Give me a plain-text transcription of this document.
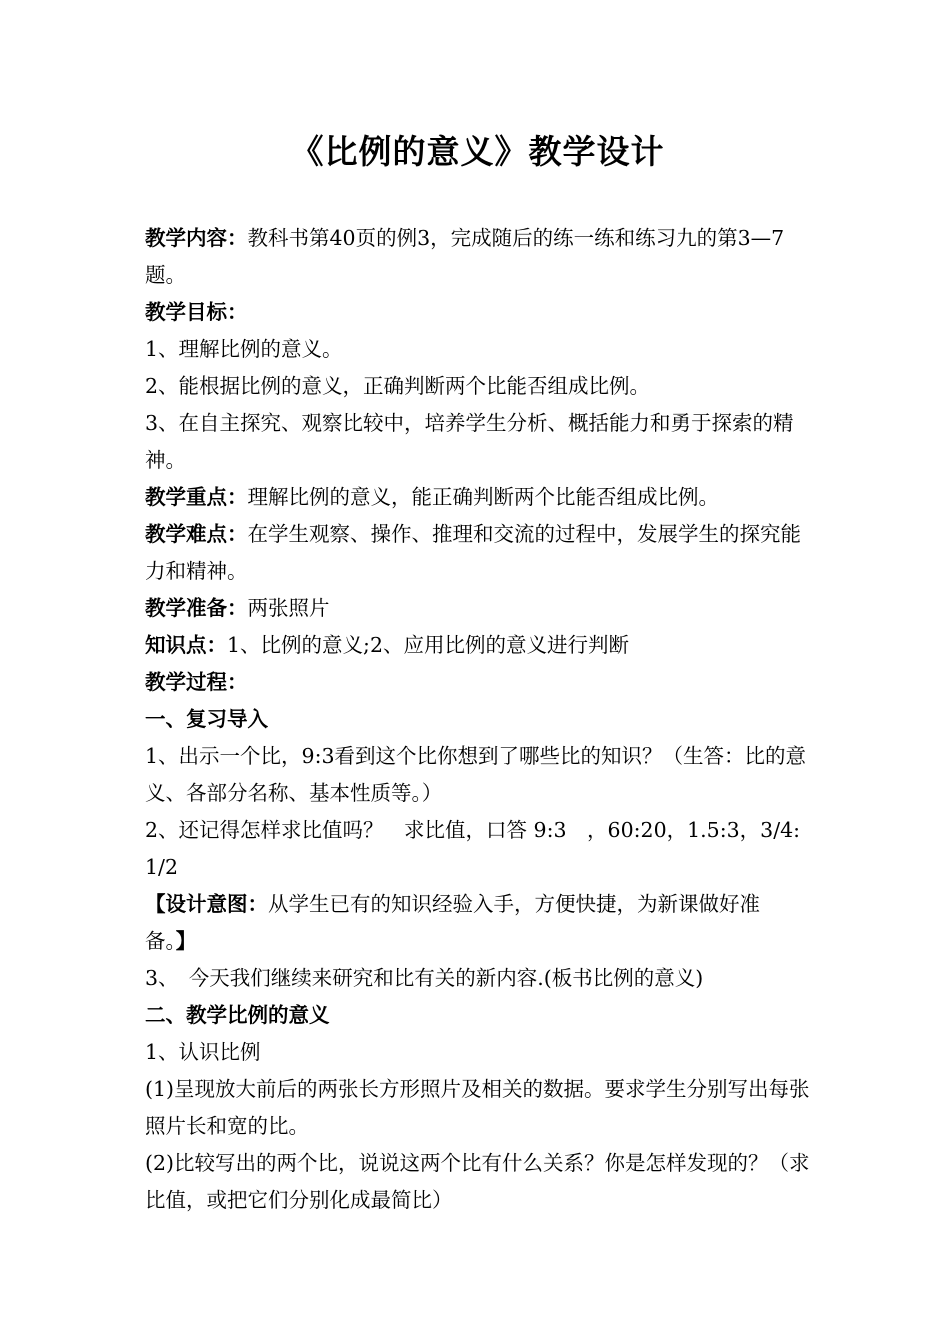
《比例的意义》教学设计

教学内容：教科书第40页的例3，完成随后的练一练和练习九的第3—7题。

教学目标：

1、理解比例的意义。

2、能根据比例的意义，正确判断两个比能否组成比例。

3、在自主探究、观察比较中，培养学生分析、概括能力和勇于探索的精神。

教学重点：理解比例的意义，能正确判断两个比能否组成比例。

教学难点：在学生观察、操作、推理和交流的过程中，发展学生的探究能力和精神。

教学准备：两张照片

知识点：1、比例的意义;2、应用比例的意义进行判断

教学过程：

一、复习导入

1、出示一个比，9:3看到这个比你想到了哪些比的知识？（生答：比的意义、各部分名称、基本性质等。）

2、还记得怎样求比值吗？　求比值，口答 9:3　，60:20，1.5:3，3/4:1/2

【设计意图：从学生已有的知识经验入手，方便快捷，为新课做好准备。】

3、　今天我们继续来研究和比有关的新内容.(板书比例的意义)

二、教学比例的意义

1、认识比例

(1)呈现放大前后的两张长方形照片及相关的数据。要求学生分别写出每张照片长和宽的比。

(2)比较写出的两个比，说说这两个比有什么关系？你是怎样发现的？（求比值，或把它们分别化成最简比）
